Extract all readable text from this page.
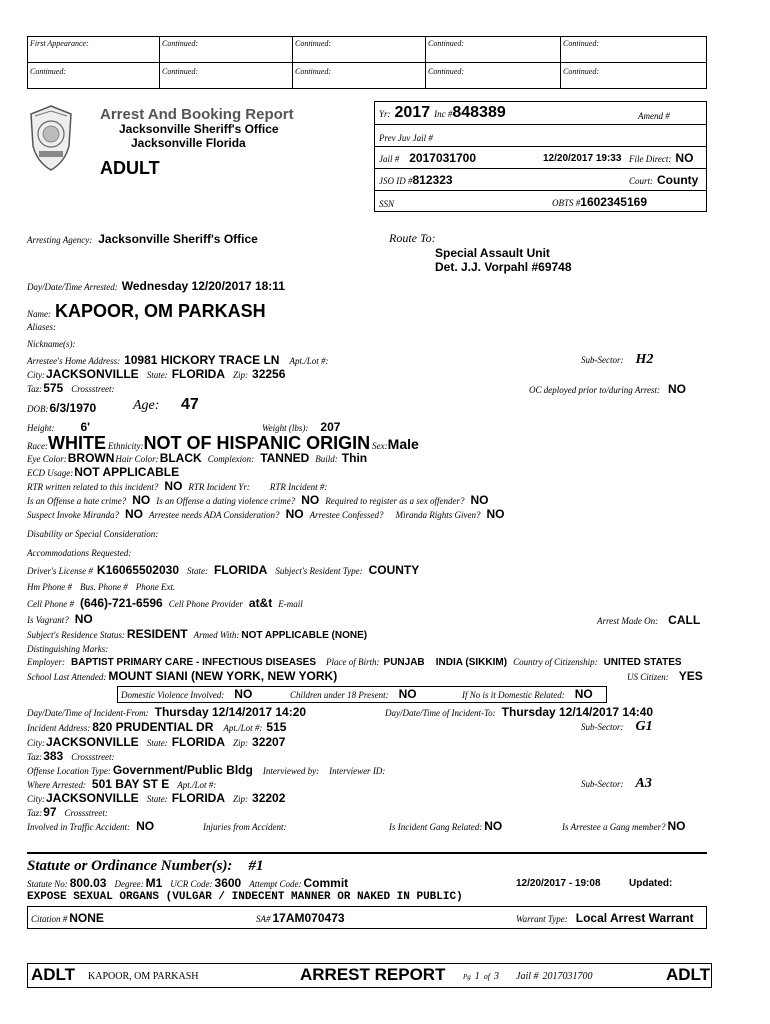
First Appearance:	Continued:	Continued:	Continued:	Continued:
Continued:	Continued:	Continued:	Continued:	Continued:
Arrest And Booking Report
Jacksonville Sheriff's Office
Jacksonville Florida
ADULT
Yr: 2017 Inc # 848389	Amend #
Prev Juv Jail #
Jail # 2017031700	12/20/2017 19:33 File Direct: NO
JSO ID # 812323	Court: County
SSN	OBTS # 1602345169
Arresting Agency: Jacksonville Sheriff's Office	Route To:
Special Assault Unit
Det. J.J. Vorpahl #69748
Day/Date/Time Arrested: Wednesday 12/20/2017 18:11
Name: KAPOOR, OM PARKASH
Aliases:
Nickname(s):
Arrestee's Home Address: 10981 HICKORY TRACE LN Apt./Lot #:	Sub-Sector: H2
City: JACKSONVILLE State: FLORIDA Zip: 32256
Taz: 575 Crossstreet:	OC deployed prior to/during Arrest: NO
DOB: 6/3/1970	Age: 47
Height: 6'	Weight (lbs): 207
Race: WHITE Ethnicity: NOT OF HISPANIC ORIGIN Sex: Male
Eye Color: BROWN Hair Color: BLACK Complexion: TANNED Build: Thin
ECD Usage: NOT APPLICABLE
RTR written related to this incident? NO RTR Incident Yr: RTR Incident #:
Is an Offense a hate crime? NO Is an Offense a dating violence crime? NO Required to register as a sex offender? NO
Suspect Invoke Miranda? NO Arrestee needs ADA Consideration? NO Arrestee Confessed? Miranda Rights Given? NO
Disability or Special Consideration:
Accommodations Requested:
Driver's License # K16065502030 State: FLORIDA Subject's Resident Type: COUNTY
Hm Phone # Bus. Phone # Phone Ext.
Cell Phone # (646)-721-6596 Cell Phone Provider at&t E-mail
Is Vagrant? NO	Arrest Made On: CALL
Subject's Residence Status: RESIDENT Armed With: NOT APPLICABLE (NONE)
Distinguishing Marks:
Employer: BAPTIST PRIMARY CARE - INFECTIOUS DISEASES Place of Birth: PUNJAB    INDIA (SIKKIM) Country of Citizenship: UNITED STATES
School Last Attended: MOUNT SIANI (NEW YORK, NEW YORK)	US Citizen: YES
Domestic Violence Involved: NO	Children under 18 Present: NO	If No is it Domestic Related: NO
Day/Date/Time of Incident-From: Thursday 12/14/2017 14:20	Day/Date/Time of Incident-To: Thursday 12/14/2017 14:40
Incident Address: 820 PRUDENTIAL DR Apt./Lot #: 515	Sub-Sector: G1
City: JACKSONVILLE State: FLORIDA Zip: 32207
Taz: 383 Crossstreet:
Offense Location Type: Government/Public Bldg Interviewed by: Interviewer ID:
Where Arrested: 501 BAY ST E Apt./Lot #:	Sub-Sector: A3
City: JACKSONVILLE State: FLORIDA Zip: 32202
Taz: 97 Crossstreet:
Involved in Traffic Accident: NO	Injuries from Accident:	Is Incident Gang Related: NO	Is Arrestee a Gang member? NO
Statute or Ordinance Number(s): #1
Statute No: 800.03 Degree: M1 UCR Code: 3600 Attempt Code: Commit	12/20/2017 - 19:08	Updated:
EXPOSE SEXUAL ORGANS (VULGAR / INDECENT MANNER OR NAKED IN PUBLIC)
Citation # NONE	SA# 17AM070473	Warrant Type: Local Arrest Warrant
ADLT KAPOOR, OM PARKASH	ARREST REPORT	Pg 1 of 3 Jail # 2017031700	ADLT
